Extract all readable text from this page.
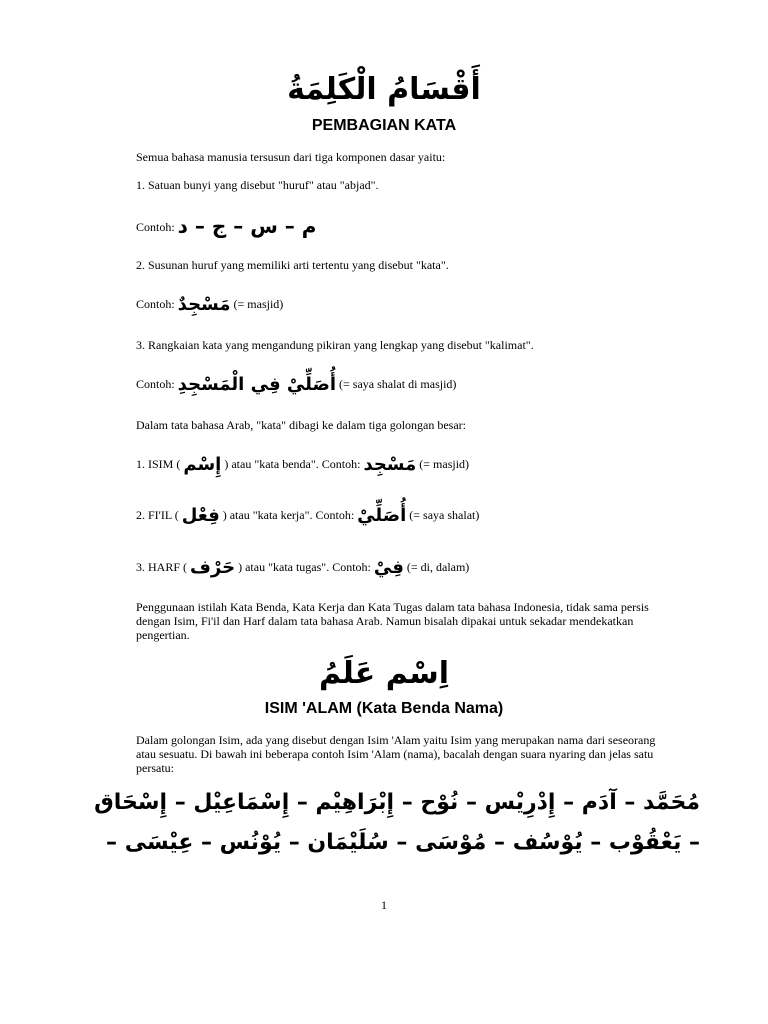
أَقْسَامُ الْكَلِمَةُ
PEMBAGIAN KATA
Semua bahasa manusia tersusun dari tiga komponen dasar yaitu:
1. Satuan bunyi yang disebut "huruf" atau "abjad".
Contoh: م – س – ج – د
2. Susunan huruf yang memiliki arti tertentu yang disebut "kata".
Contoh: مَسْجِدٌ (= masjid)
3. Rangkaian kata yang mengandung pikiran yang lengkap yang disebut "kalimat".
Contoh: أُصَلِّيْ فِي الْمَسْجِدِ (= saya shalat di masjid)
Dalam tata bahasa Arab, "kata" dibagi ke dalam tiga golongan besar:
1. ISIM ( إِسْم ) atau "kata benda". Contoh: مَسْجِد (= masjid)
2. FI'IL ( فِعْل ) atau "kata kerja". Contoh: أُصَلِّيْ (= saya shalat)
3. HARF ( حَرْف ) atau "kata tugas". Contoh: فِيْ (= di, dalam)
Penggunaan istilah Kata Benda, Kata Kerja dan Kata Tugas dalam tata bahasa Indonesia, tidak sama persis dengan Isim, Fi'il dan Harf dalam tata bahasa Arab. Namun bisalah dipakai untuk sekadar mendekatkan pengertian.
اِسْم عَلَمُ
ISIM 'ALAM (Kata Benda Nama)
Dalam golongan Isim, ada yang disebut dengan Isim 'Alam yaitu Isim yang merupakan nama dari seseorang atau sesuatu. Di bawah ini beberapa contoh Isim 'Alam (nama), bacalah dengan suara nyaring dan jelas satu persatu:
مُحَمَّد – آدَم – إِدْرِيْس – نُوْح – إِبْرَاهِيْم – إِسْمَاعِيْل – إِسْحَاق
– يَعْقُوْب – يُوْسُف – مُوْسَى – سُلَيْمَان – يُوْنُس – عِيْسَى –
1
